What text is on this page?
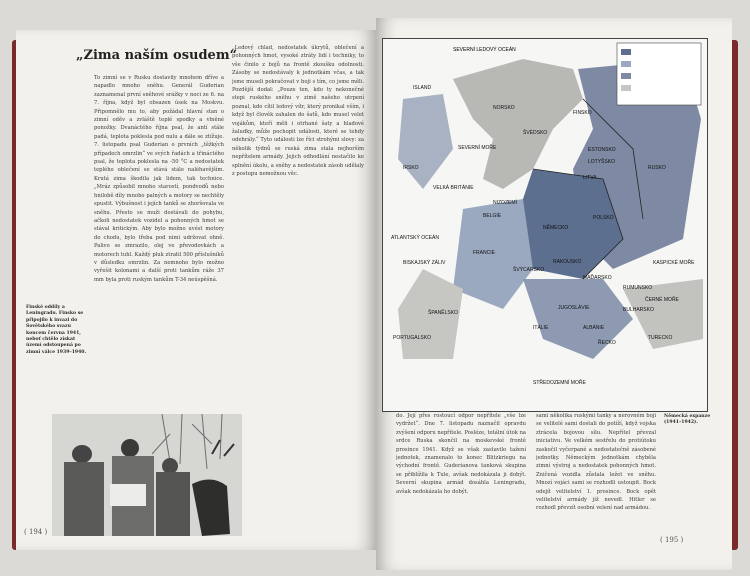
„Zima naším osudem“
To zimní se v Rusku dostavily mnohem dříve a napadlo mnoho sněhu. Generál Guderian zaznamenal první sněhové srážky v noci ze 6. na 7. října, když byl obsazen úsek na Moskvu. Připomnělo mu to, aby požádal hlavní stan o zimní oděv a zvláště teplé spodky a vlněné ponožky. Dvanáctého října psal, že antí stále padá, teplota poklesla pod nulu a dále se ztížuje. 7. listopadu psal Guderian o prvních „těžkých případech omrzlin“ ve svých řadách a třináctého psal, že teplota poklesla na -50 °C a nedostatek teplého oblečení se stává stále naléhavějším. Krutá zima škodila jak lidem, tak technice. „Mráz způsobil mnoho starostí, pondvodů nebo hnilobě díly mnoho palných a motory se nechtěly spustit. Výbušnost i jejích tanků se zhoršovala ve sněhu. Přesto se muži dostávali do pohybu, ačkoli nedostatek vozidel a pohonných hmot se stával kritickým. Aby bylo možno uvést motory do chodu, bylo třeba pod nimi udržovat ohně. Palivo se zmrazilo, olej ve převodovkách a motorech tuhl. Každý pluk ztratil 500 příslušníků v důsledku omrzlin. Za nemnoho bylo možno vyřešit kolonami a další proti tankům ráže 37 mm byla proti ruským tankům T-34 neúspěšná.
„Ledový chlad, nedostatek úkrytů, oblečení a pohonných hmot, vysoké ztráty lidí i techniky, to vše činilo z bojů na frontě zkoušku odolnosti. Zásoby se nedostávaly k jednotkám včas, a tak jsme museli pokračovat v boji s tím, co jsme měli. Pozdější dodal: „Pouze ten, kdo ty nekonečné stepi ruského sněhu v zimě našeho utrpení poznal, kdo cítil ledový vítr, který pronikal vším, i když byl člověk zahalen do šatů, kdo musel velet vojákům, kteří měli i otrhané šaty a hladové žaludky, může pochopit události, které se tehdy odehrály.“ Tyto události lze říci strohými slovy: za několik týdnů se ruská zima stala nejhorším nepřítelem armády. Jejich odhodlání nestačilo ke splnění úkolu, a sněhy a nedostatek zásob udělaly z postupu nemožnou věc.
Finské oddíly a Leningradu. Finsko se připojilo k invazi do Sovětského svazu koncem června 1941, neboť chtělo získat území odstoupená po zimní válce 1939–1940.
( 194 )
SEVERNÍ LEDOVÝ OCEÁN
ISLAND
NORSKO
ŠVÉDSKO
FINSKO
ESTONSKO
LOTYŠSKO
LITVA
RUSKO
IRSKO
VELKÁ BRITÁNIE
NIZOZEMÍ
BELGIE
NĚMECKO
POLSKO
FRANCIE
ŠVÝCARSKO
RAKOUSKO
MAĎARSKO
RUMUNSKO
BULHARSKO
JUGOSLÁVIE
ITÁLIE
ŠPANĚLSKO
PORTUGALSKO
ALBÁNIE
ŘECKO
TURECKO
ATLANTSKÝ OCEÁN
BISKAJSKÝ ZÁLIV
STŘEDOZEMNÍ MOŘE
ČERNÉ MOŘE
KASPICKÉ MOŘE
SEVERNÍ MOŘE
Německá expanze (1941–1942).
do. Její přes rostoucí odpor nepřítele „vše lze vydržet“. Dne 7. listopadu naznačil opravdu zvýšení odporu nepřítele. Posléze, totální útok na srdce Ruska skončil na moskevské frontě prosince 1941. Když se však zastavilo tažení jednotek, znamenalo to konec Blitzkriegu na východní frontě. Guderianova tanková skupina se přiblížila k Tule, avšak nedokázala ji dobýt. Severní skupina armád dosáhla Leningradu, avšak nedokázala ho dobýt.
sami několika ruskými tanky a nerovném boji se velitelé sami dostali do potíží, když vojska ztrácela bojovou sílu. Nepřítel převzal iniciativu. Ve velkém sestřelu do protiútoku zaskočil vyčerpané a nedostatečně zásobené jednotky. Německým jednotkám chyběla zimní výstroj a nedostatek pohonných hmot. Zničená vozidla zůstala ležet ve sněhu. Mnozí vojáci sami se rozhodli ustoupit. Bock odejít velitelství 1. prosince. Bock opět velitelství armády již nevedl. Hitler se rozhodl převzít osobní velení nad armádou.
( 195 )
